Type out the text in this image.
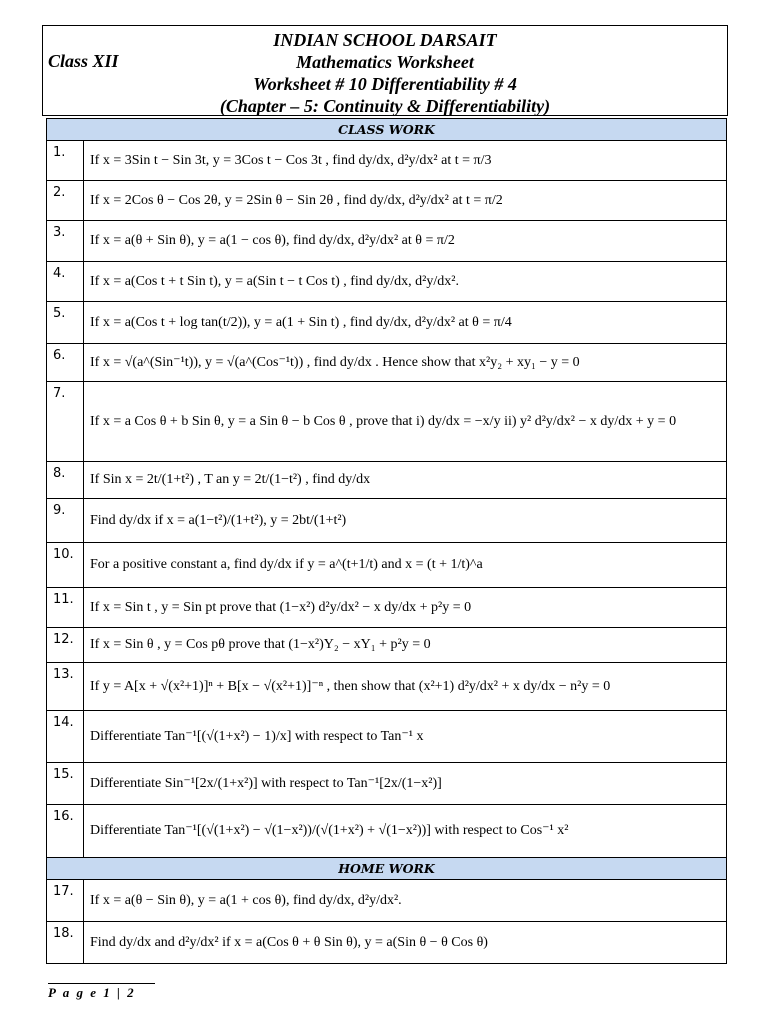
INDIAN SCHOOL DARSAIT
Class XII	Mathematics Worksheet
Worksheet # 10 Differentiability # 4
(Chapter – 5: Continuity & Differentiability)
CLASS WORK	
1.	If x = 3Sin t − Sin 3t, y = 3Cos t − Cos 3t , find dy/dx, d²y/dx² at t = π/3
2.	If x = 2Cos θ − Cos 2θ, y = 2Sin θ − Sin 2θ , find dy/dx, d²y/dx² at t = π/2
3.	If x = a(θ + Sin θ), y = a(1 − cos θ), find dy/dx, d²y/dx² at θ = π/2
4.	If x = a(Cos t + t Sin t), y = a(Sin t − t Cos t) , find dy/dx, d²y/dx².
5.	If x = a(Cos t + log tan(t/2)), y = a(1 + Sin t) , find dy/dx, d²y/dx² at θ = π/4
6.	If x = √(a^(Sin⁻¹t)), y = √(a^(Cos⁻¹t)) , find dy/dx . Hence show that x²y₂ + xy₁ − y = 0
7.	If x = a Cos θ + b Sin θ, y = a Sin θ − b Cos θ , prove that i) dy/dx = −x/y ii) y² d²y/dx² − x dy/dx + y = 0
8.	If Sin x = 2t/(1+t²) , T an y = 2t/(1−t²) , find dy/dx
9.	Find dy/dx if x = a(1−t²)/(1+t²), y = 2bt/(1+t²)
10.	For a positive constant a, find dy/dx if y = a^(t+1/t) and x = (t + 1/t)^a
11.	If x = Sin t , y = Sin pt prove that (1−x²) d²y/dx² − x dy/dx + p²y = 0
12.	If x = Sin θ , y = Cos pθ prove that (1−x²)Y₂ − xY₁ + p²y = 0
13.	If y = A[x + √(x²+1)]ⁿ + B[x − √(x²+1)]⁻ⁿ , then show that (x²+1) d²y/dx² + x dy/dx − n²y = 0
14.	Differentiate Tan⁻¹[(√(1+x²) − 1)/x] with respect to Tan⁻¹ x
15.	Differentiate Sin⁻¹[2x/(1+x²)] with respect to Tan⁻¹[2x/(1−x²)]
16.	Differentiate Tan⁻¹[(√(1+x²) − √(1−x²))/(√(1+x²) + √(1−x²))] with respect to Cos⁻¹ x²
HOME WORK	
17.	If x = a(θ − Sin θ), y = a(1 + cos θ), find dy/dx, d²y/dx².
18.	Find dy/dx and d²y/dx² if x = a(Cos θ + θ Sin θ), y = a(Sin θ − θ Cos θ)
P a g e 1 | 2
